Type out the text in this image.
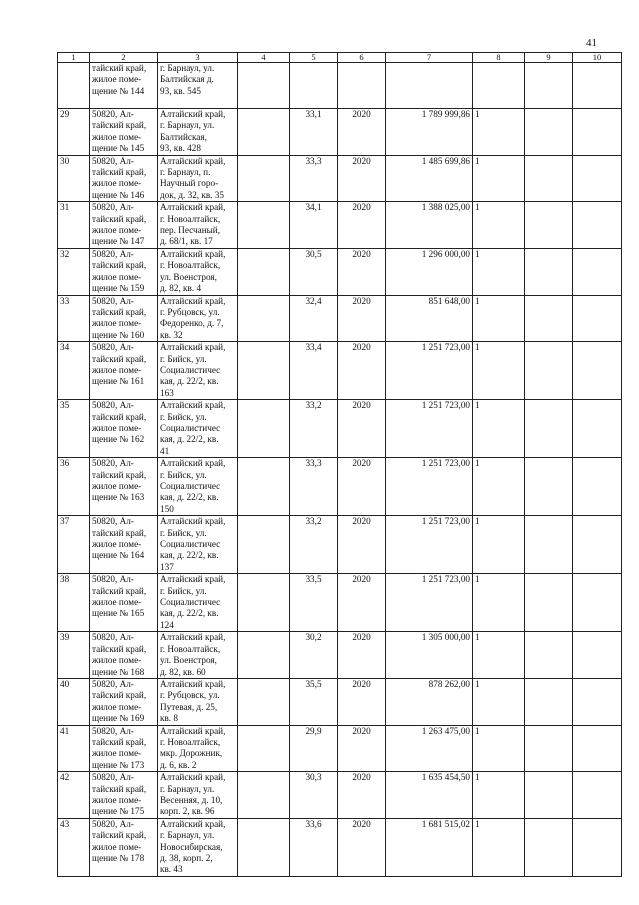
41
1	2	3	4	5	6	7	8	9	10
	тайский край,
жилое поме-
щение № 144	г. Барнаул, ул.
Балтийская д.
93, кв. 545							
29	50820, Ал-
тайский край,
жилое поме-
щение № 145	Алтайский край,
г. Барнаул, ул.
Балтийская,
93, кв. 428		33,1	2020	1 789 999,86	1		
30	50820, Ал-
тайский край,
жилое поме-
щение № 146	Алтайский край,
г. Барнаул, п.
Научный горо-
док, д. 32, кв. 35		33,3	2020	1 485 699,86	1		
31	50820, Ал-
тайский край,
жилое поме-
щение № 147	Алтайский край,
г. Новоалтайск,
пер. Песчаный,
д. 68/1, кв. 17		34,1	2020	1 388 025,00	1		
32	50820, Ал-
тайский край,
жилое поме-
щение № 159	Алтайский край,
г. Новоалтайск,
ул. Военстроя,
д. 82, кв. 4		30,5	2020	1 296 000,00	1		
33	50820, Ал-
тайский край,
жилое поме-
щение № 160	Алтайский край,
г. Рубцовск, ул.
Федоренко, д. 7,
кв. 32		32,4	2020	851 648,00	1		
34	50820, Ал-
тайский край,
жилое поме-
щение № 161	Алтайский край,
г. Бийск, ул.
Социалистичес
кая, д. 22/2, кв.
163		33,4	2020	1 251 723,00	1		
35	50820, Ал-
тайский край,
жилое поме-
щение № 162	Алтайский край,
г. Бийск, ул.
Социалистичес
кая, д. 22/2, кв.
41		33,2	2020	1 251 723,00	1		
36	50820, Ал-
тайский край,
жилое поме-
щение № 163	Алтайский край,
г. Бийск, ул.
Социалистичес
кая, д. 22/2, кв.
150		33,3	2020	1 251 723,00	1		
37	50820, Ал-
тайский край,
жилое поме-
щение № 164	Алтайский край,
г. Бийск, ул.
Социалистичес
кая, д. 22/2, кв.
137		33,2	2020	1 251 723,00	1		
38	50820, Ал-
тайский край,
жилое поме-
щение № 165	Алтайский край,
г. Бийск, ул.
Социалистичес
кая, д. 22/2, кв.
124		33,5	2020	1 251 723,00	1		
39	50820, Ал-
тайский край,
жилое поме-
щение № 168	Алтайский край,
г. Новоалтайск,
ул. Военстроя,
д. 82, кв. 60		30,2	2020	1 305 000,00	1		
40	50820, Ал-
тайский край,
жилое поме-
щение № 169	Алтайский край,
г. Рубцовск, ул.
Путевая, д. 25,
кв. 8		35,5	2020	878 262,00	1		
41	50820, Ал-
тайский край,
жилое поме-
щение № 173	Алтайский край,
г. Новоалтайск,
мкр. Дорожник,
д. 6, кв. 2		29,9	2020	1 263 475,00	1		
42	50820, Ал-
тайский край,
жилое поме-
щение № 175	Алтайский край,
г. Барнаул, ул.
Весенняя, д. 10,
корп. 2, кв. 96		30,3	2020	1 635 454,50	1		
43	50820, Ал-
тайский край,
жилое поме-
щение № 178	Алтайский край,
г. Барнаул, ул.
Новосибирская,
д. 38, корп. 2,
кв. 43		33,6	2020	1 681 515,02	1		
